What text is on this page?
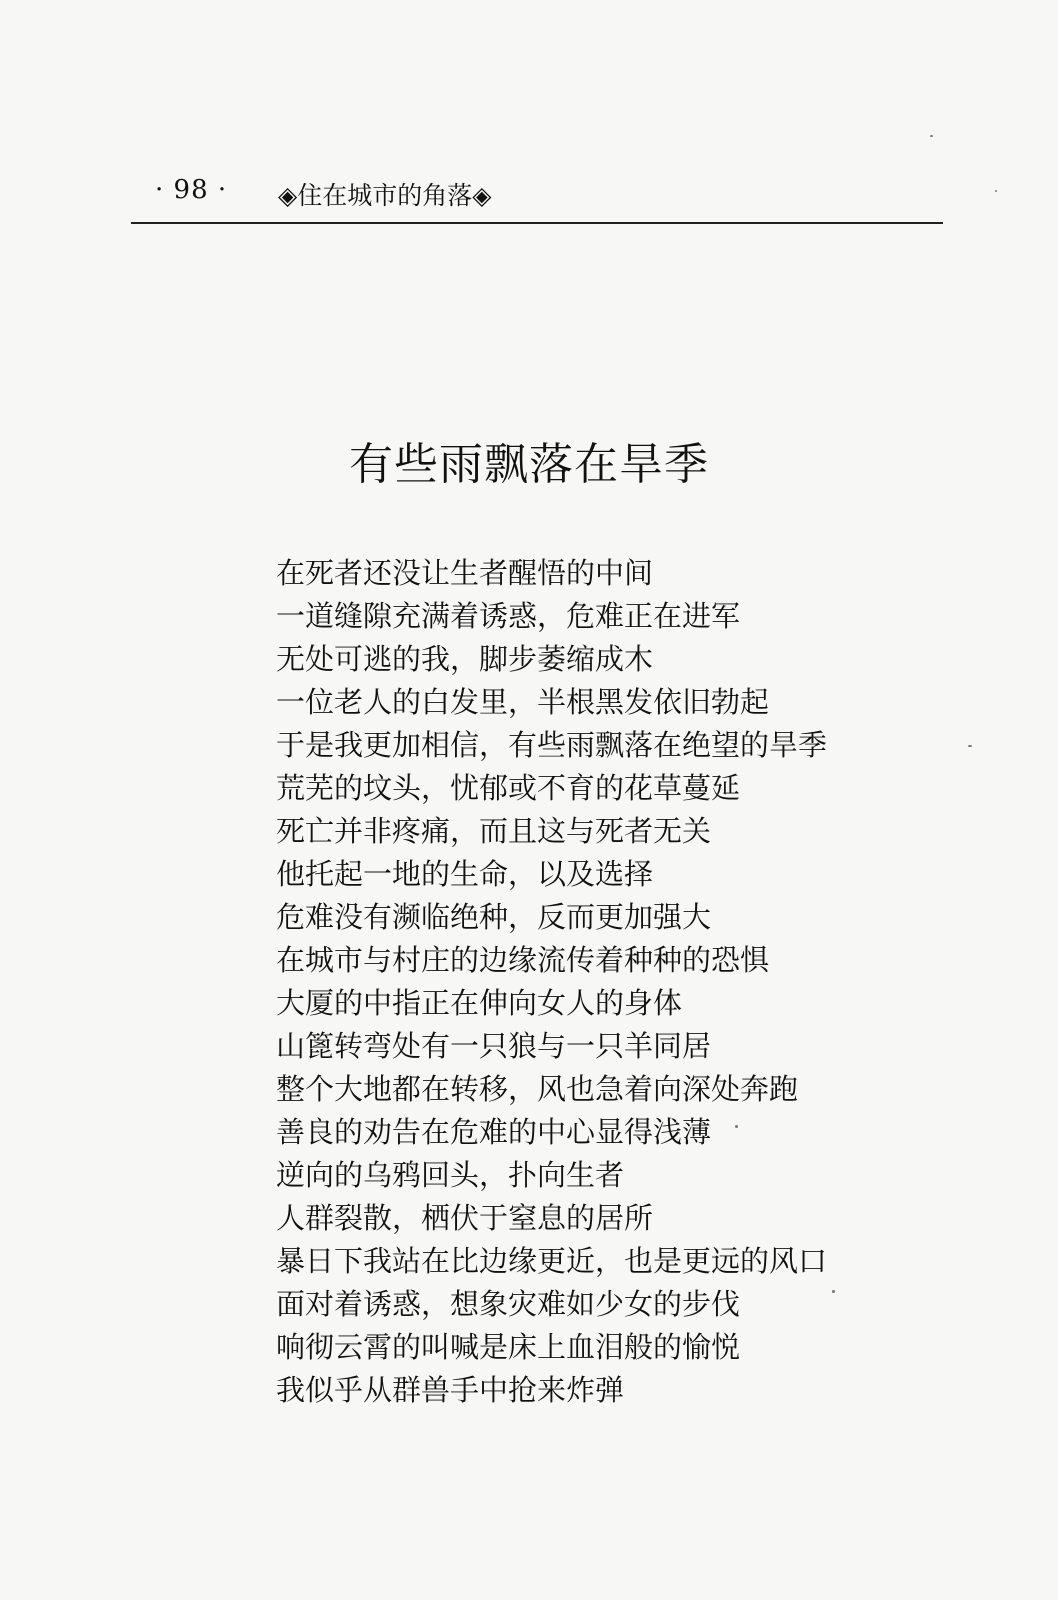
· 98 · ◈住在城市的角落◈
有些雨飘落在旱季
在死者还没让生者醒悟的中间
一道缝隙充满着诱惑，危难正在进军
无处可逃的我，脚步萎缩成木
一位老人的白发里，半根黑发依旧勃起
于是我更加相信，有些雨飘落在绝望的旱季
荒芜的坟头，忧郁或不育的花草蔓延
死亡并非疼痛，而且这与死者无关
他托起一地的生命，以及选择
危难没有濒临绝种，反而更加强大
在城市与村庄的边缘流传着种种的恐惧
大厦的中指正在伸向女人的身体
山篦转弯处有一只狼与一只羊同居
整个大地都在转移，风也急着向深处奔跑
善良的劝告在危难的中心显得浅薄
逆向的乌鸦回头，扑向生者
人群裂散，栖伏于窒息的居所
暴日下我站在比边缘更近，也是更远的风口
面对着诱惑，想象灾难如少女的步伐
响彻云霄的叫喊是床上血泪般的愉悦
我似乎从群兽手中抢来炸弹
